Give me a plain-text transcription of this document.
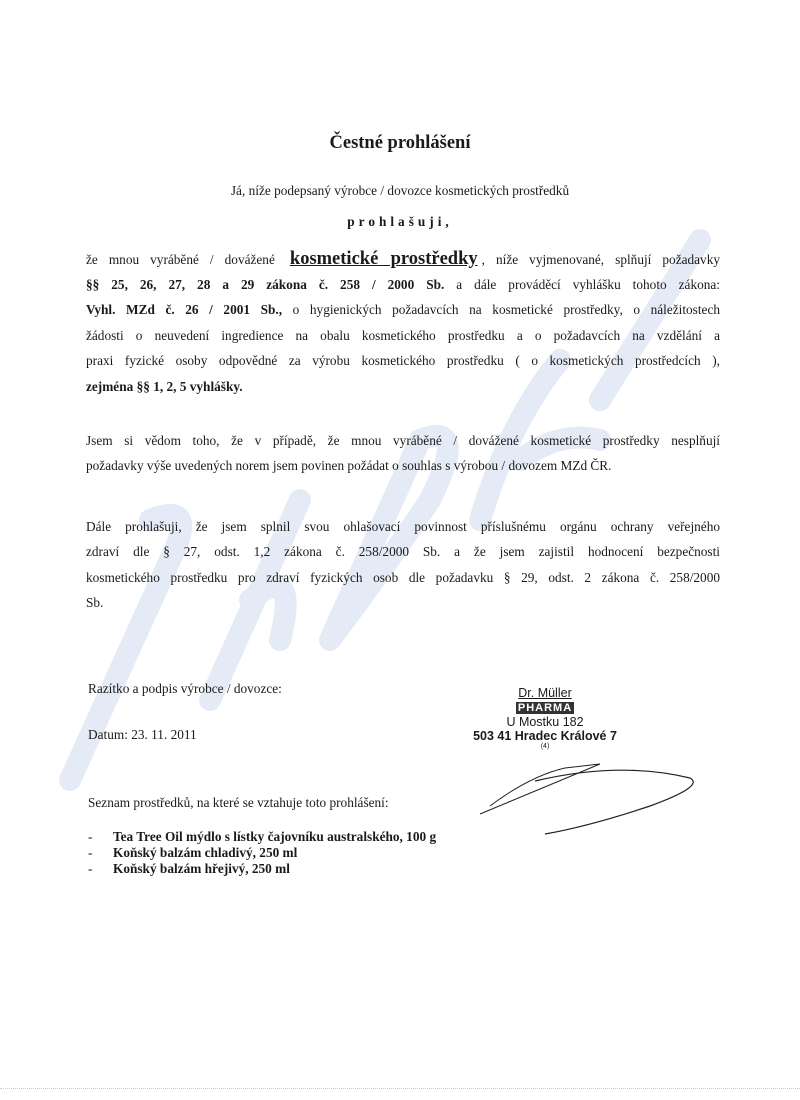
Čestné prohlášení
Já, níže podepsaný výrobce / dovozce kosmetických prostředků
prohlašuji,
že mnou vyráběné / dovážené kosmetické prostředky , níže vyjmenované, splňují požadavky
§§ 25, 26, 27, 28 a 29 zákona č. 258 / 2000 Sb. a dále prováděcí vyhlášku tohoto zákona:
Vyhl. MZd č. 26 / 2001 Sb., o hygienických požadavcích na kosmetické prostředky, o náležitostech
žádosti o neuvedení ingredience na obalu kosmetického prostředku a o požadavcích na vzdělání a
praxi fyzické osoby odpovědné za výrobu kosmetického prostředku ( o kosmetických prostředcích ),
zejména §§ 1, 2, 5 vyhlášky.
Jsem si vědom toho, že v případě, že mnou vyráběné / dovážené kosmetické prostředky nesplňují
požadavky výše uvedených norem jsem povinen požádat o souhlas s výrobou / dovozem MZd ČR.
Dále prohlašuji, že jsem splnil svou ohlašovací povinnost příslušnému orgánu ochrany veřejného
zdraví dle § 27, odst. 1,2 zákona č. 258/2000 Sb. a že jsem zajistil hodnocení bezpečnosti
kosmetického prostředku pro zdraví fyzických osob dle požadavku § 29, odst. 2 zákona č. 258/2000
Sb.
Razítko a podpis výrobce / dovozce:
Datum: 23. 11. 2011
Dr. Müller
PHARMA
U Mostku 182
503 41 Hradec Králové 7
(4)
Seznam prostředků, na které se vztahuje toto prohlášení:
- Tea Tree Oil mýdlo s lístky čajovníku australského, 100 g
- Koňský balzám chladivý, 250 ml
- Koňský balzám hřejivý, 250 ml
